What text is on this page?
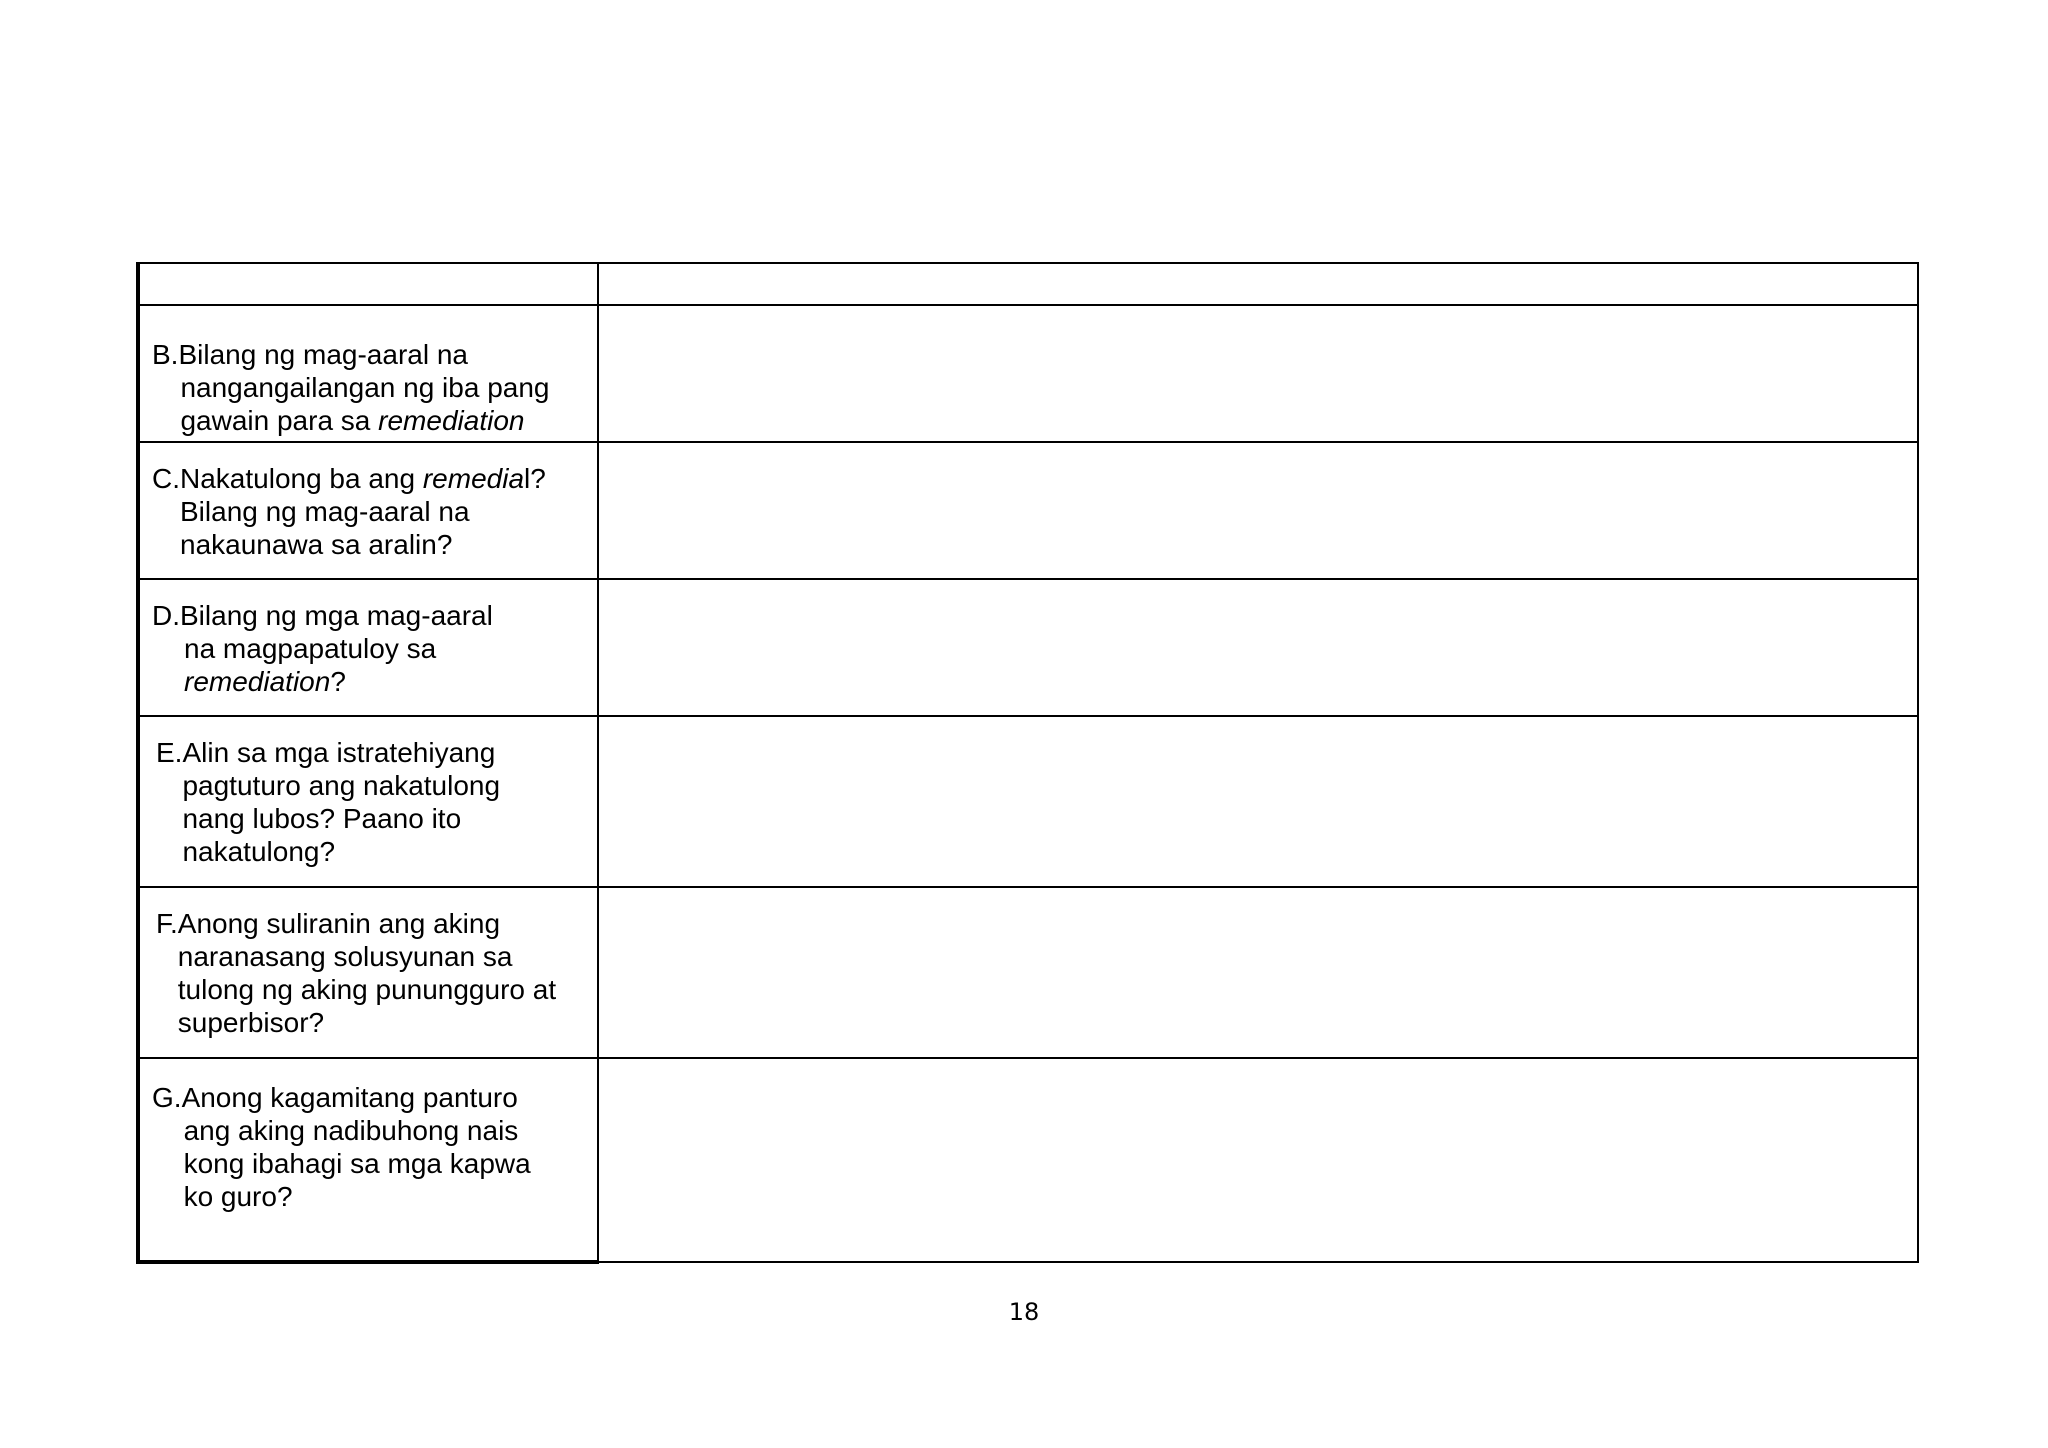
B. Bilang ng mag-aaral na
nangangailangan ng iba pang
gawain para sa remediation	

C. Nakatulong ba ang remedial?
Bilang ng mag-aaral na
nakaunawa sa aralin?	

D. Bilang ng mga mag-aaral
na magpapatuloy sa
remediation?	

E. Alin sa mga istratehiyang
pagtuturo ang nakatulong
nang lubos? Paano ito
nakatulong?	

F. Anong suliranin ang aking
naranasang solusyunan sa
tulong ng aking punungguro at
superbisor?	

G. Anong kagamitang panturo
ang aking nadibuhong nais
kong ibahagi sa mga kapwa
ko guro?	

18
